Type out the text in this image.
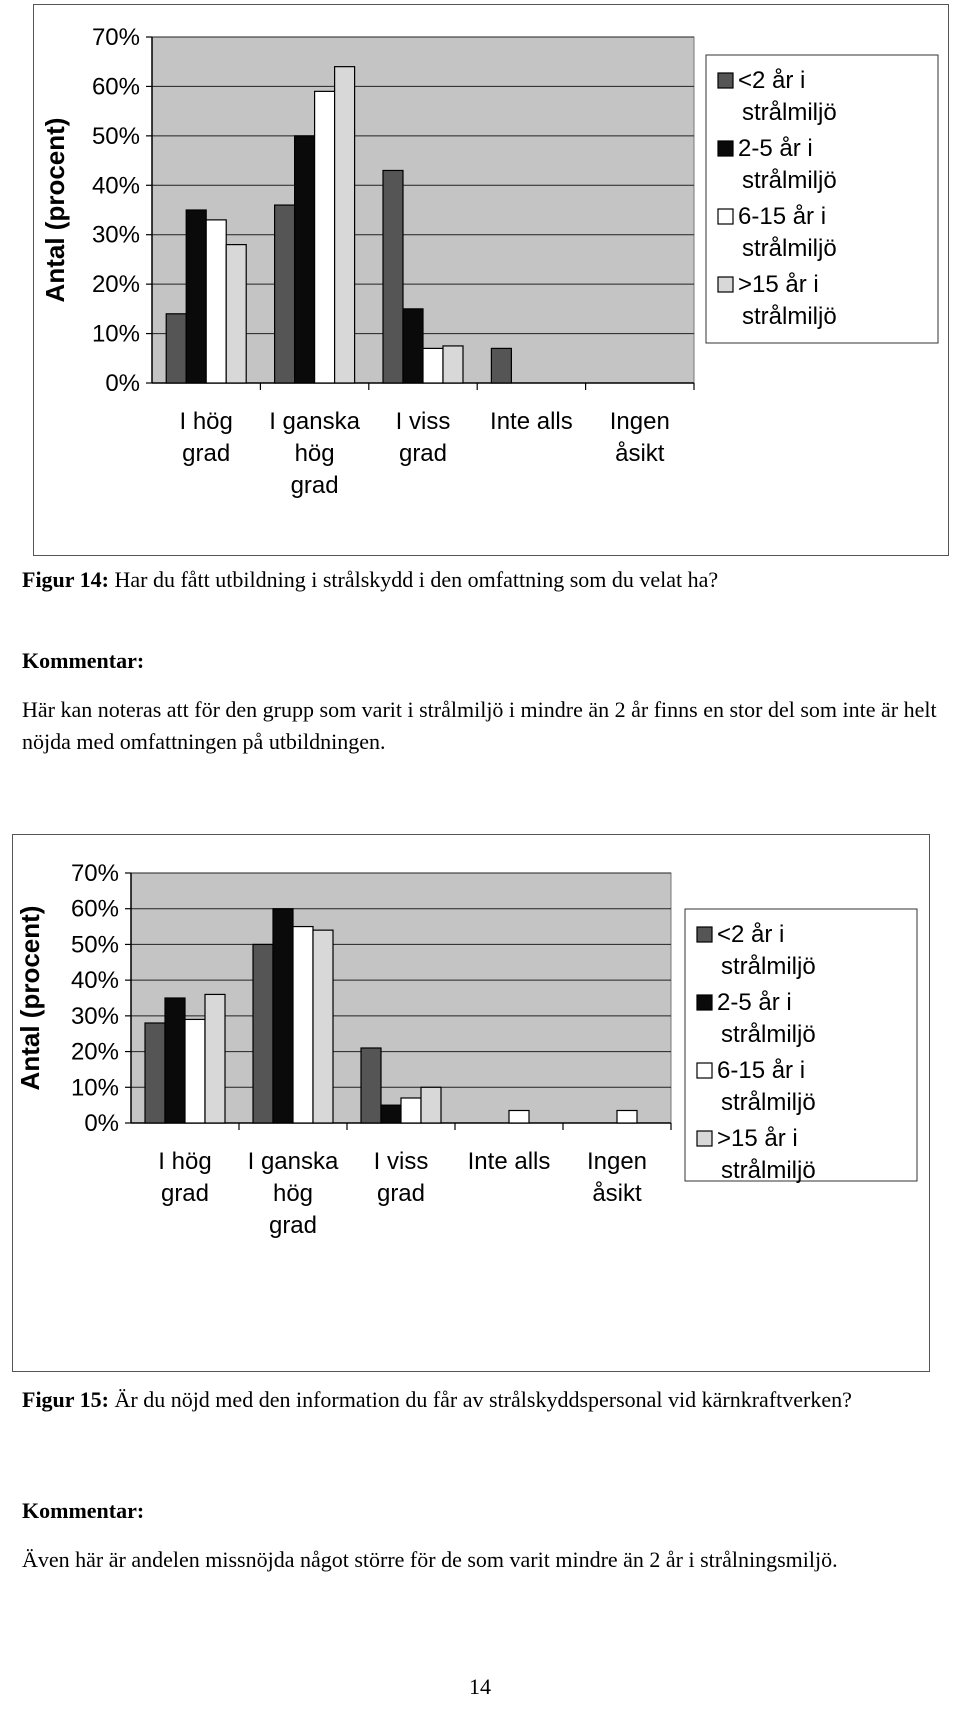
70%
60%
50%
40%
30%
20%
10%
0%
Antal (procent)
I hög grad
I ganska hög grad
I viss grad
Inte alls Ingen åsikt
<2 år i strålmiljö
2-5 år i strålmiljö
6-15 år i strålmiljö
>15 år i strålmiljö
Figur 14: Har du fått utbildning i strålskydd i den omfattning som du velat ha?
Kommentar:
Här kan noteras att för den grupp som varit i strålmiljö i mindre än 2 år finns en stor del som inte är helt nöjda med omfattningen på utbildningen.
70%
60%
50%
40%
30%
20%
10%
0%
Antal (procent)
I hög grad
I ganska hög grad
I viss grad
Inte alls Ingen åsikt
<2 år i strålmiljö
2-5 år i strålmiljö
6-15 år i strålmiljö
>15 år i strålmiljö
Figur 15: Är du nöjd med den information du får av strålskyddspersonal vid kärnkraftverken?
Kommentar:
Även här är andelen missnöjda något större för de som varit mindre än 2 år i strålningsmiljö.
14
